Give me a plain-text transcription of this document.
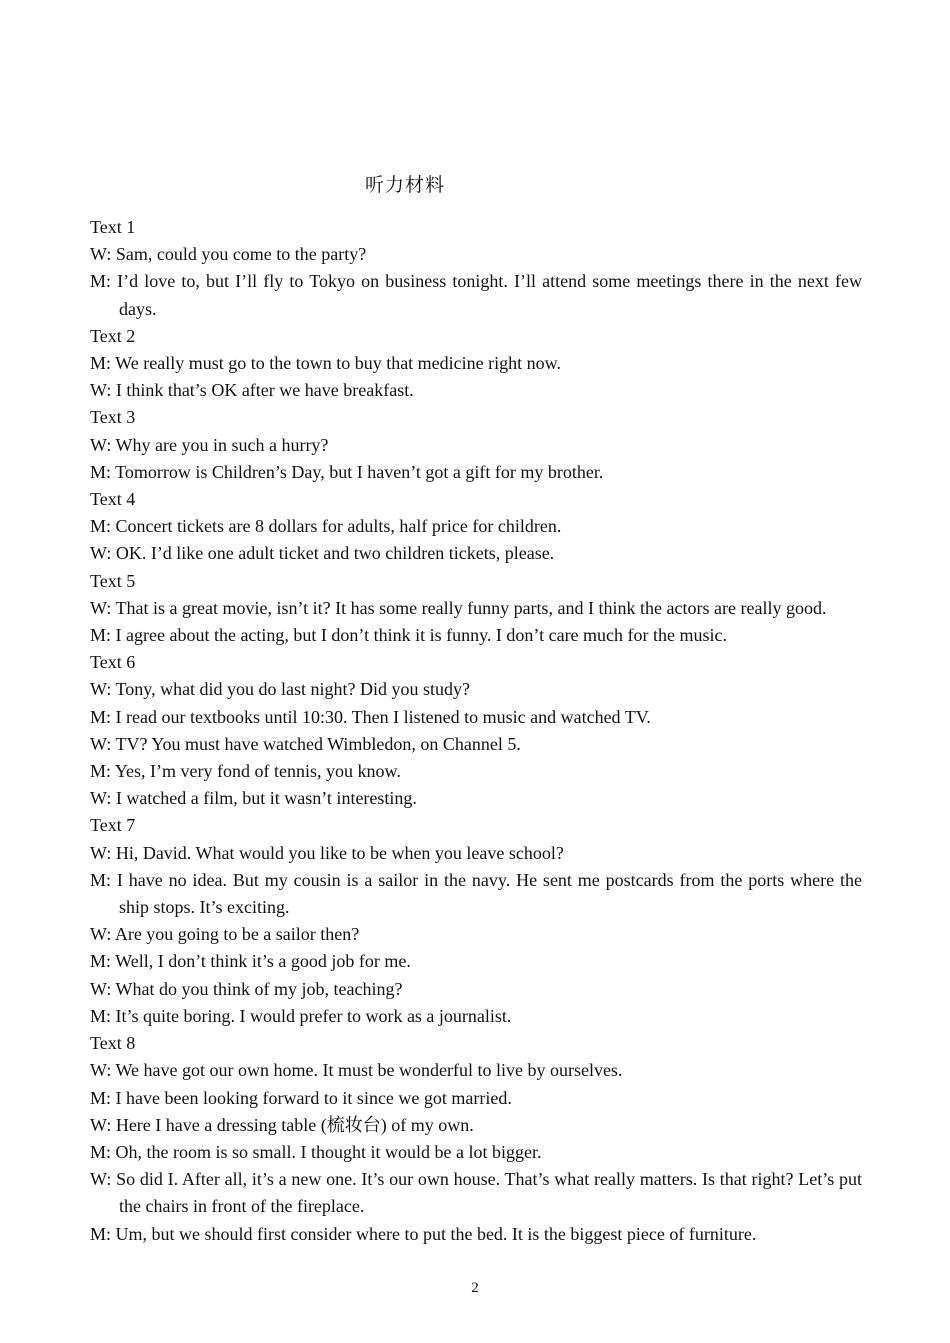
听力材料
Text 1
W: Sam, could you come to the party?
M: I’d love to, but I’ll fly to Tokyo on business tonight. I’ll attend some meetings there in the next few days.
Text 2
M: We really must go to the town to buy that medicine right now.
W: I think that’s OK after we have breakfast.
Text 3
W: Why are you in such a hurry?
M: Tomorrow is Children’s Day, but I haven’t got a gift for my brother.
Text 4
M: Concert tickets are 8 dollars for adults, half price for children.
W: OK. I’d like one adult ticket and two children tickets, please.
Text 5
W: That is a great movie, isn’t it? It has some really funny parts, and I think the actors are really good.
M: I agree about the acting, but I don’t think it is funny. I don’t care much for the music.
Text 6
W: Tony, what did you do last night? Did you study?
M: I read our textbooks until 10:30. Then I listened to music and watched TV.
W: TV? You must have watched Wimbledon, on Channel 5.
M: Yes, I’m very fond of tennis, you know.
W: I watched a film, but it wasn’t interesting.
Text 7
W: Hi, David. What would you like to be when you leave school?
M: I have no idea. But my cousin is a sailor in the navy. He sent me postcards from the ports where the ship stops. It’s exciting.
W: Are you going to be a sailor then?
M: Well, I don’t think it’s a good job for me.
W: What do you think of my job, teaching?
M: It’s quite boring. I would prefer to work as a journalist.
Text 8
W: We have got our own home. It must be wonderful to live by ourselves.
M: I have been looking forward to it since we got married.
W: Here I have a dressing table (梳妆台) of my own.
M: Oh, the room is so small. I thought it would be a lot bigger.
W: So did I. After all, it’s a new one. It’s our own house. That’s what really matters. Is that right? Let’s put the chairs in front of the fireplace.
M: Um, but we should first consider where to put the bed. It is the biggest piece of furniture.
2
